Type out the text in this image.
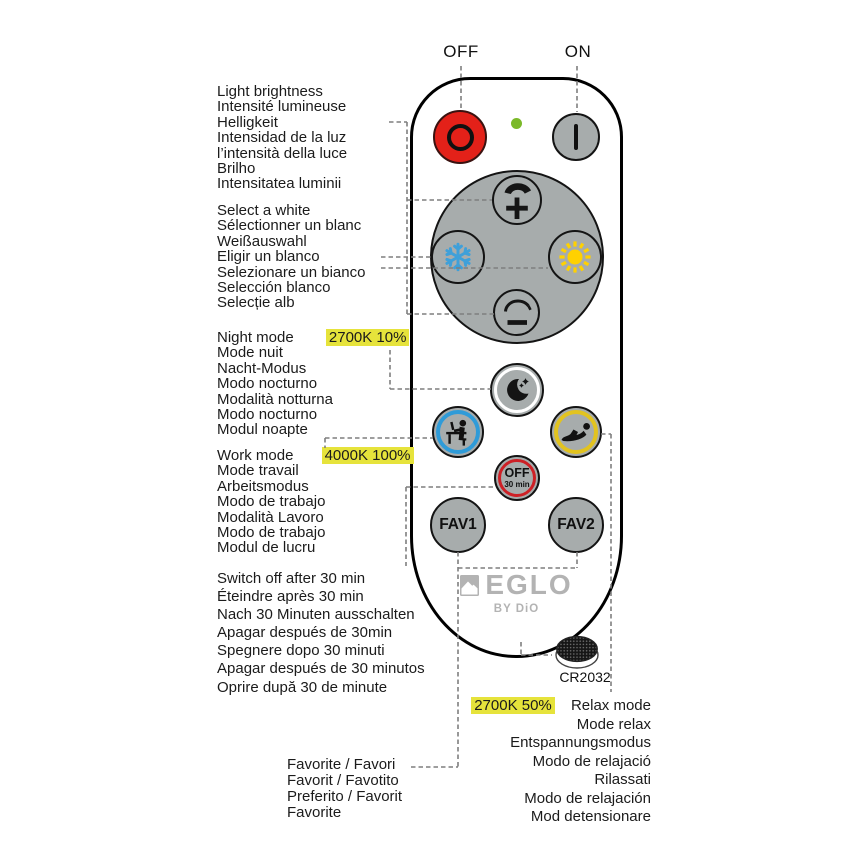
OFF	ON
OFF
30 min
FAV1	FAV2
EGLO
BY DiO
CR2032
Light brightness
Intensité lumineuse
Helligkeit
Intensidad de la luz
l’intensità della luce
Brilho
Intensitatea luminii
Select a white
Sélectionner un blanc
Weißauswahl
Eligir un blanco
Selezionare un bianco
Selección blanco
Selecție alb
Night mode 2700K 10%
Mode nuit
Nacht-Modus
Modo nocturno
Modalità notturna
Modo nocturno
Modul noapte
Work mode 4000K 100%
Mode travail
Arbeitsmodus
Modo de trabajo
Modalità Lavoro
Modo de trabajo
Modul de lucru
Switch off after 30 min
Éteindre après 30 min
Nach 30 Minuten ausschalten
Apagar después de 30min
Spegnere dopo 30 minuti
Apagar después de 30 minutos
Oprire după 30 de minute
Favorite / Favori
Favorit / Favotito
Preferito / Favorit
Favorite
2700K 50% Relax mode
Mode relax
Entspannungsmodus
Modo de relajació
Rilassati
Modo de relajación
Mod detensionare
